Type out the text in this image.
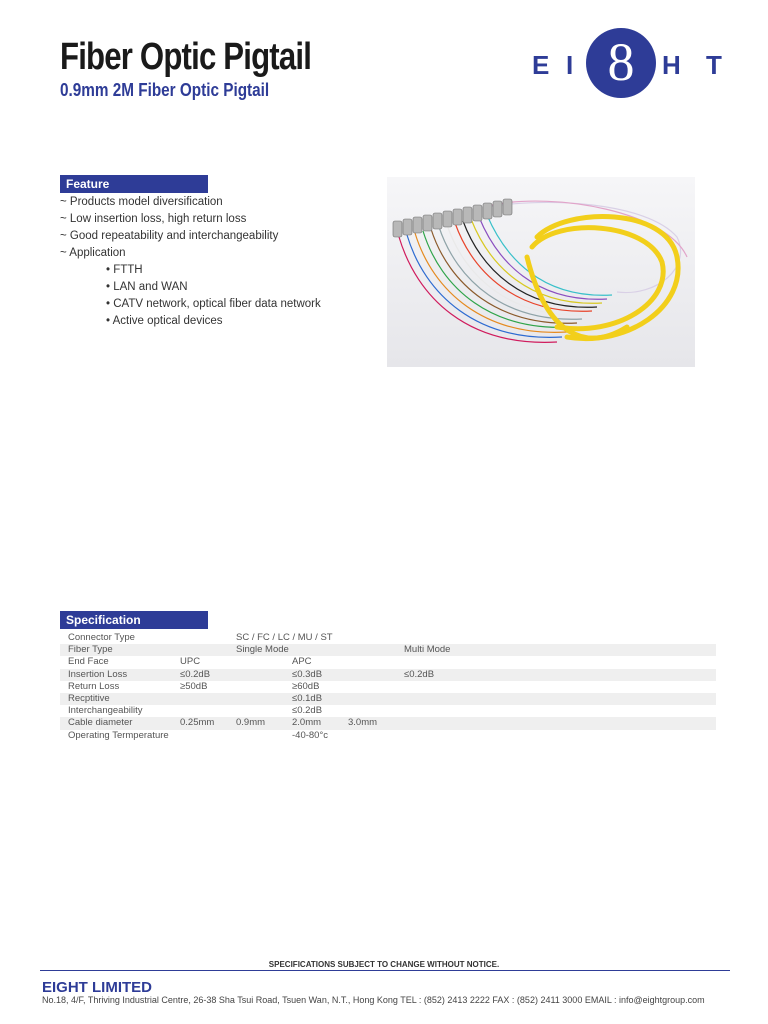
Fiber Optic Pigtail
0.9mm 2M Fiber Optic Pigtail
E I 8	H T
Feature
~ Products model diversification
~ Low insertion loss, high return loss
~ Good repeatability and interchangeability
~ Application
• FTTH
• LAN and WAN
• CATV network, optical fiber data network
• Active optical devices
Specification
Connector Type	SC / FC / LC / MU / ST
Fiber Type	Single Mode	Multi Mode
End Face	UPC	APC
Insertion Loss	≤0.2dB	≤0.3dB	≤0.2dB
Return Loss	≥50dB	≥60dB
Recptitive	≤0.1dB
Interchangeability	≤0.2dB
Cable diameter	0.25mm 0.9mm	2.0mm	3.0mm
Operating Termperature	-40-80°c
SPECIFICATIONS SUBJECT TO CHANGE WITHOUT NOTICE.
EIGHT LIMITED
No.18, 4/F, Thriving Industrial Centre, 26-38 Sha Tsui Road, Tsuen Wan, N.T., Hong Kong TEL : (852) 2413 2222 FAX : (852) 2411 3000 EMAIL : info@eightgroup.com
